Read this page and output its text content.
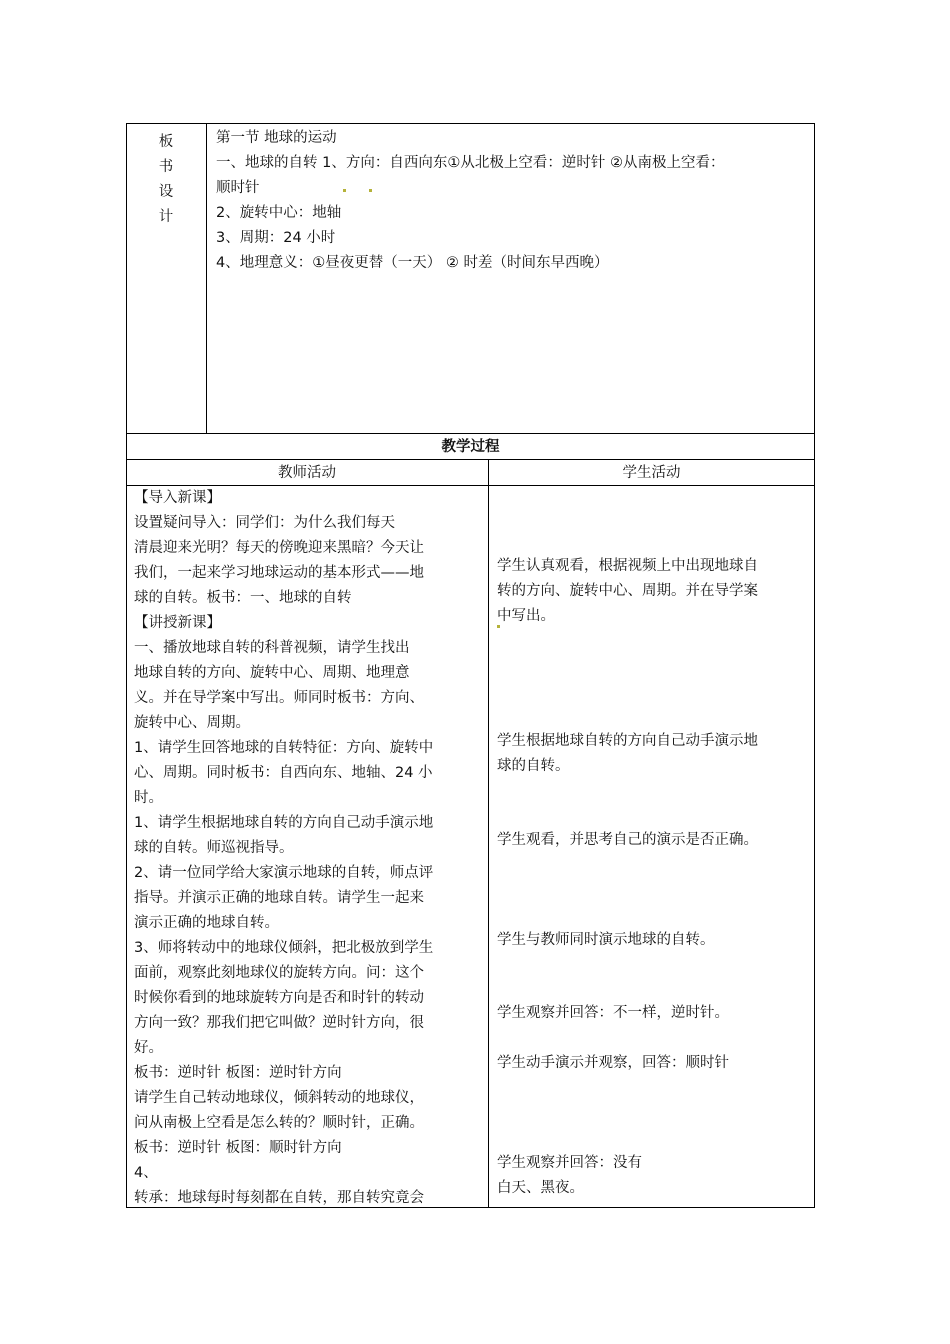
板
书
设
计
第一节 地球的运动
一、地球的自转 1、方向：自西向东①从北极上空看：逆时针 ②从南极上空看：
顺时针
2、旋转中心：地轴
3、周期：24 小时
4、地理意义：①昼夜更替（一天） ② 时差（时间东早西晚）
教学过程
教师活动	学生活动
【导入新课】
设置疑问导入：同学们：为什么我们每天
清晨迎来光明？每天的傍晚迎来黑暗？今天让
我们，一起来学习地球运动的基本形式——地
球的自转。板书：一、地球的自转
【讲授新课】
一、播放地球自转的科普视频，请学生找出
地球自转的方向、旋转中心、周期、地理意
义。并在导学案中写出。师同时板书：方向、
旋转中心、周期。
1、请学生回答地球的自转特征：方向、旋转中
心、周期。同时板书：自西向东、地轴、24 小
时。
1、请学生根据地球自转的方向自己动手演示地
球的自转。师巡视指导。
2、请一位同学给大家演示地球的自转，师点评
指导。并演示正确的地球自转。请学生一起来
演示正确的地球自转。
3、师将转动中的地球仪倾斜，把北极放到学生
面前，观察此刻地球仪的旋转方向。问：这个
时候你看到的地球旋转方向是否和时针的转动
方向一致？那我们把它叫做？逆时针方向，很
好。
板书：逆时针 板图：逆时针方向
请学生自己转动地球仪，倾斜转动的地球仪，
问从南极上空看是怎么转的？顺时针，正确。
板书：逆时针 板图：顺时针方向
4、
转承：地球每时每刻都在自转，那自转究竟会
学生认真观看，根据视频上中出现地球自
转的方向、旋转中心、周期。并在导学案
中写出。
学生根据地球自转的方向自己动手演示地
球的自转。
学生观看，并思考自己的演示是否正确。
学生与教师同时演示地球的自转。
学生观察并回答：不一样，逆时针。
学生动手演示并观察，回答：顺时针
学生观察并回答：没有
白天、黑夜。
